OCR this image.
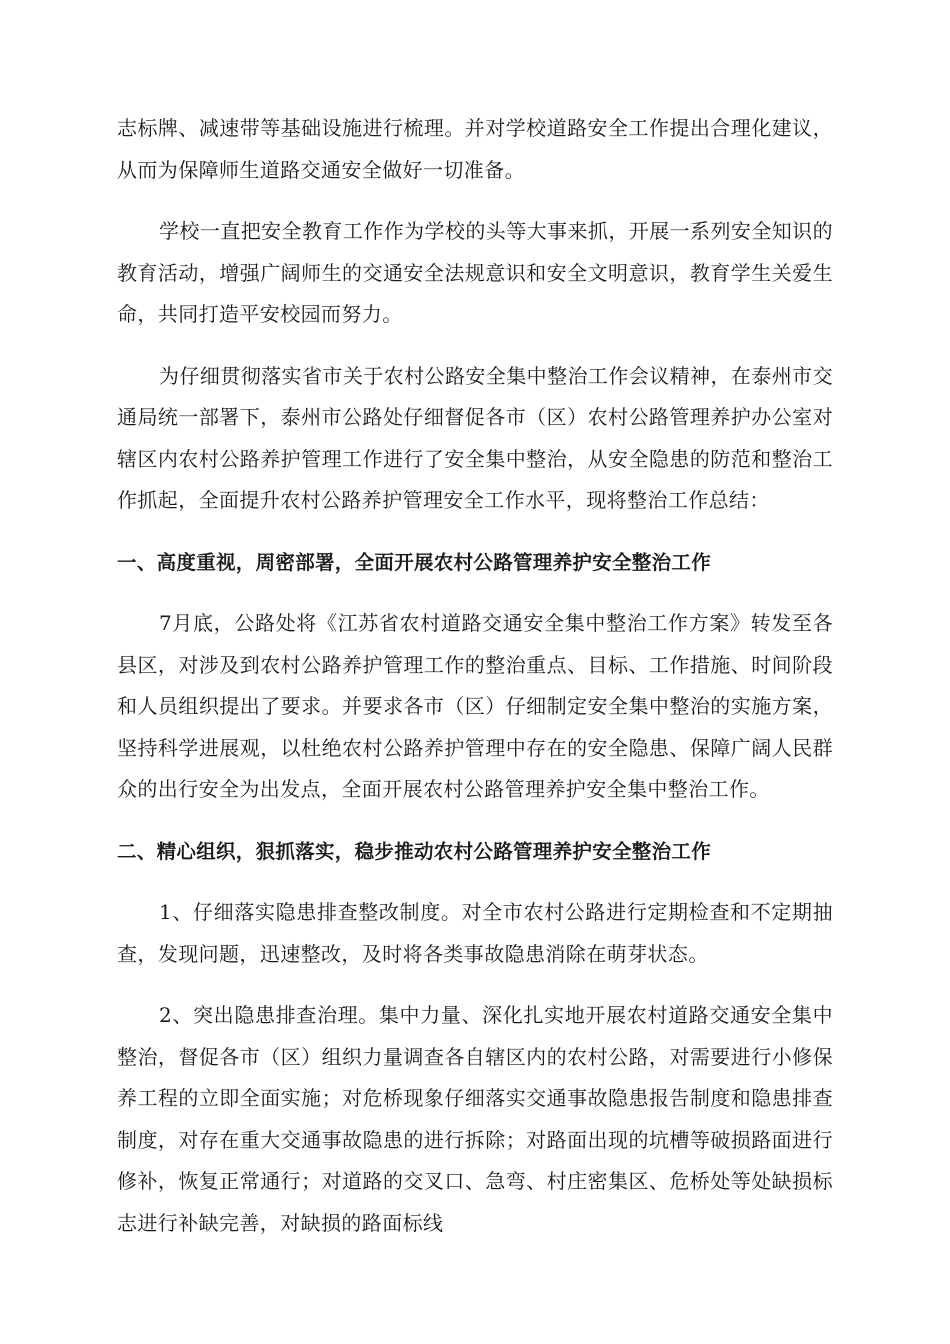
志标牌、减速带等基础设施进行梳理。并对学校道路安全工作提出合理化建议，从而为保障师生道路交通安全做好一切准备。

学校一直把安全教育工作作为学校的头等大事来抓，开展一系列安全知识的教育活动，增强广阔师生的交通安全法规意识和安全文明意识，教育学生关爱生命，共同打造平安校园而努力。

为仔细贯彻落实省市关于农村公路安全集中整治工作会议精神，在泰州市交通局统一部署下，泰州市公路处仔细督促各市（区）农村公路管理养护办公室对辖区内农村公路养护管理工作进行了安全集中整治，从安全隐患的防范和整治工作抓起，全面提升农村公路养护管理安全工作水平，现将整治工作总结：

一、高度重视，周密部署，全面开展农村公路管理养护安全整治工作

7月底，公路处将《江苏省农村道路交通安全集中整治工作方案》转发至各县区，对涉及到农村公路养护管理工作的整治重点、目标、工作措施、时间阶段和人员组织提出了要求。并要求各市（区）仔细制定安全集中整治的实施方案，坚持科学进展观，以杜绝农村公路养护管理中存在的安全隐患、保障广阔人民群众的出行安全为出发点，全面开展农村公路管理养护安全集中整治工作。

二、精心组织，狠抓落实，稳步推动农村公路管理养护安全整治工作

1、仔细落实隐患排查整改制度。对全市农村公路进行定期检查和不定期抽查，发现问题，迅速整改，及时将各类事故隐患消除在萌芽状态。

2、突出隐患排查治理。集中力量、深化扎实地开展农村道路交通安全集中整治，督促各市（区）组织力量调查各自辖区内的农村公路，对需要进行小修保养工程的立即全面实施；对危桥现象仔细落实交通事故隐患报告制度和隐患排查制度，对存在重大交通事故隐患的进行拆除；对路面出现的坑槽等破损路面进行修补，恢复正常通行；对道路的交叉口、急弯、村庄密集区、危桥处等处缺损标志进行补缺完善，对缺损的路面标线
